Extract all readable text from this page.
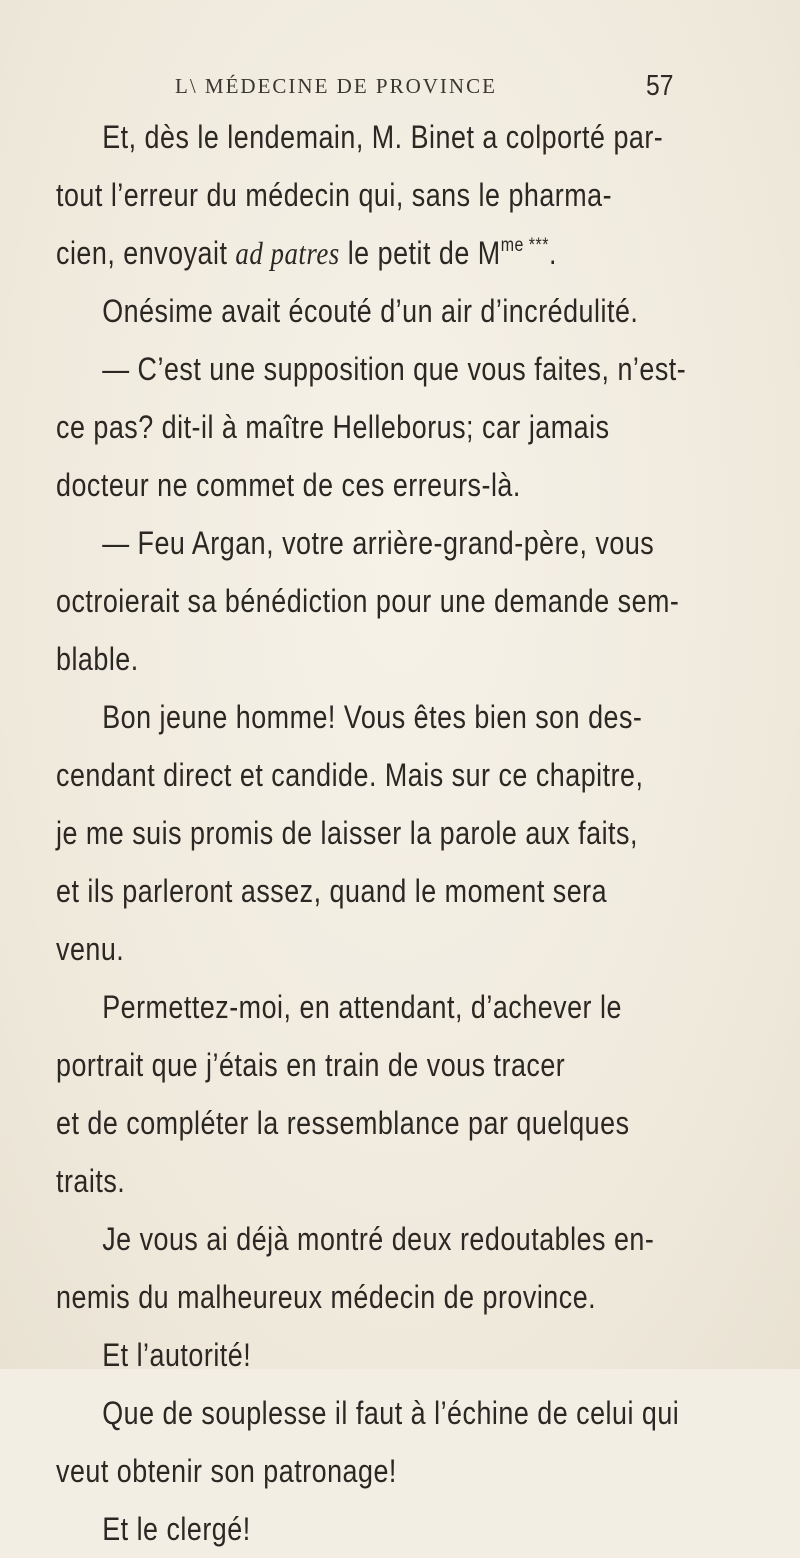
L\ MÉDECINE DE PROVINCE	57
Et, dès le lendemain, M. Binet a colporté par-
tout l’erreur du médecin qui, sans le pharma-
cien, envoyait ad patres le petit de $M^{me ***}$.
Onésime avait écouté d’un air d’incrédulité.
— C’est une supposition que vous faites, n’est-
ce pas? dit-il à maître Helleborus; car jamais
docteur ne commet de ces erreurs-là.
— Feu Argan, votre arrière-grand-père, vous
octroierait sa bénédiction pour une demande sem-
blable.
Bon jeune homme! Vous êtes bien son des-
cendant direct et candide. Mais sur ce chapitre,
je me suis promis de laisser la parole aux faits,
et ils parleront assez, quand le moment sera
venu.
Permettez-moi, en attendant, d’achever le
portrait que j’étais en train de vous tracer
et de compléter la ressemblance par quelques
traits.
Je vous ai déjà montré deux redoutables en-
nemis du malheureux médecin de province.
Et l’autorité!
Que de souplesse il faut à l’échine de celui qui
veut obtenir son patronage!
Et le clergé!
